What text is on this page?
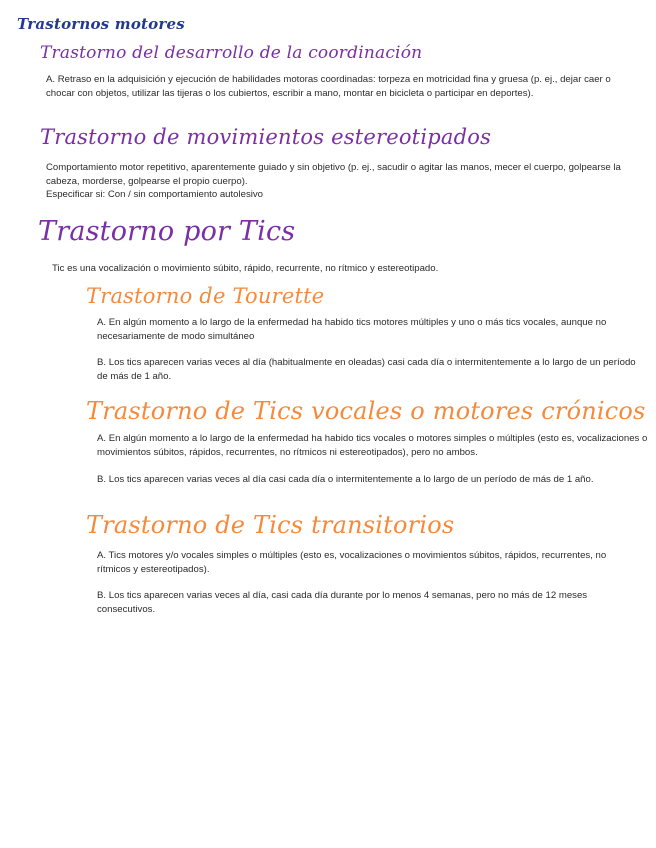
Trastornos motores
Trastorno del desarrollo de la coordinación

A. Retraso en la adquisición y ejecución de habilidades motoras coordinadas: torpeza en motricidad fina y gruesa (p. ej., dejar caer o chocar con objetos, utilizar las tijeras o los cubiertos, escribir a mano, montar en bicicleta o participar en deportes).

Trastorno de movimientos estereotipados

Comportamiento motor repetitivo, aparentemente guiado y sin objetivo (p. ej., sacudir o agitar las manos, mecer el cuerpo, golpearse la cabeza, morderse, golpearse el propio cuerpo).

Especificar si: Con / sin comportamiento autolesivo

Trastorno por Tics

Tic es una vocalización o movimiento súbito, rápido, recurrente, no rítmico y estereotipado.

Trastorno de Tourette

A. En algún momento a lo largo de la enfermedad ha habido tics motores múltiples y uno o más tics vocales, aunque no necesariamente de modo simultáneo

B. Los tics aparecen varias veces al día (habitualmente en oleadas) casi cada día o intermitentemente a lo largo de un período de más de 1 año.

Trastorno de Tics vocales o motores crónicos

A. En algún momento a lo largo de la enfermedad ha habido tics vocales o motores simples o múltiples (esto es, vocalizaciones o movimientos súbitos, rápidos, recurrentes, no rítmicos ni estereotipados), pero no ambos.

B. Los tics aparecen varias veces al día casi cada día o intermitentemente a lo largo de un período de más de 1 año.

Trastorno de Tics transitorios

A. Tics motores y/o vocales simples o múltiples (esto es, vocalizaciones o movimientos súbitos, rápidos, recurrentes, no rítmicos y estereotipados).

B. Los tics aparecen varias veces al día, casi cada día durante por lo menos 4 semanas, pero no más de 12 meses consecutivos.
